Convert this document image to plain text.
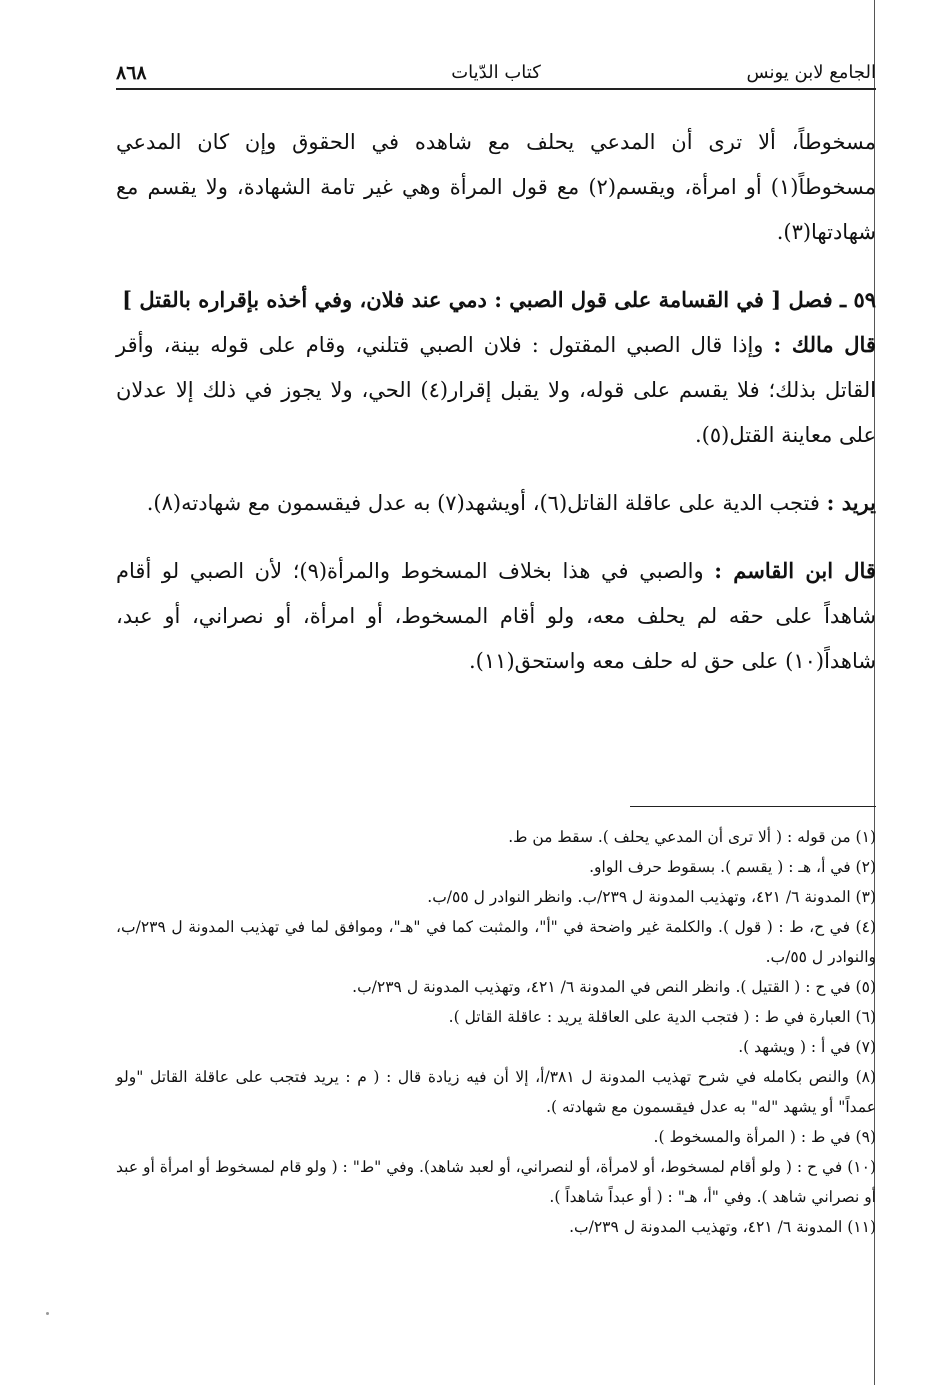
الجامع لابن يونس
كتاب الدّيات
٨٦٨

مسخوطاً، ألا ترى أن المدعي يحلف مع شاهده في الحقوق وإن كان المدعي مسخوطاً(١) أو امرأة، ويقسم(٢) مع قول المرأة وهي غير تامة الشهادة، ولا يقسم مع شهادتها(٣).

٥٩ ـ فصل [ في القسامة على قول الصبي : دمي عند فلان، وفي أخذه بإقراره بالقتل ]

قال مالك : وإذا قال الصبي المقتول : فلان الصبي قتلني، وقام على قوله بينة، وأقر القاتل بذلك؛ فلا يقسم على قوله، ولا يقبل إقرار(٤) الحي، ولا يجوز في ذلك إلا عدلان على معاينة القتل(٥).

يريد : فتجب الدية على عاقلة القاتل(٦)، أويشهد(٧) به عدل فيقسمون مع شهادته(٨).

قال ابن القاسم : والصبي في هذا بخلاف المسخوط والمرأة(٩)؛ لأن الصبي لو أقام شاهداً على حقه لم يحلف معه، ولو أقام المسخوط، أو امرأة، أو نصراني، أو عبد، شاهداً(١٠) على حق له حلف معه واستحق(١١).

(١) من قوله : ( ألا ترى أن المدعي يحلف ). سقط من ط.

(٢) في أ، هـ : ( يقسم ). بسقوط حرف الواو.

(٣) المدونة ٦/ ٤٢١، وتهذيب المدونة ل ٢٣٩/ب. وانظر النوادر ل ٥٥/ب.

(٤) في ح، ط : ( قول ). والكلمة غير واضحة في "أ"، والمثبت كما في "هـ"، وموافق لما في تهذيب المدونة ل ٢٣٩/ب، والنوادر ل ٥٥/ب.

(٥) في ح : ( القتيل ). وانظر النص في المدونة ٦/ ٤٢١، وتهذيب المدونة ل ٢٣٩/ب.

(٦) العبارة في ط : ( فتجب الدية على العاقلة يريد : عاقلة القاتل ).

(٧) في أ : ( ويشهد ).

(٨) والنص بكامله في شرح تهذيب المدونة ل ٣٨١/أ، إلا أن فيه زيادة قال : ( م : يريد فتجب على عاقلة القاتل "ولو عمداً" أو يشهد "له" به عدل فيقسمون مع شهادته ).

(٩) في ط : ( المرأة والمسخوط ).

(١٠) في ح : ( ولو أقام لمسخوط، أو لامرأة، أو لنصراني، أو لعبد شاهد). وفي "ط" : ( ولو قام لمسخوط أو امرأة أو عبد أو نصراني شاهد ). وفي "أ، هـ" : ( أو عبداً شاهداً ).

(١١) المدونة ٦/ ٤٢١، وتهذيب المدونة ل ٢٣٩/ب.
